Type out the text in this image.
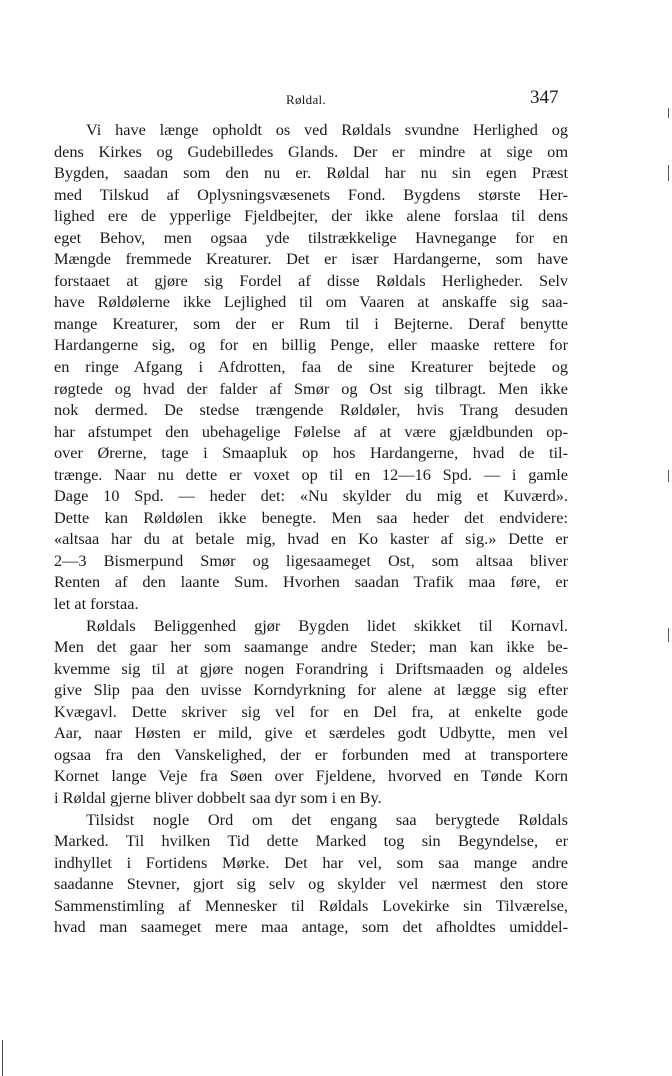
Røldal.	347
Vi have længe opholdt os ved Røldals svundne Herlighed og
dens Kirkes og Gudebilledes Glands. Der er mindre at sige om
Bygden, saadan som den nu er. Røldal har nu sin egen Præst
med Tilskud af Oplysningsvæsenets Fond. Bygdens største Her-
lighed ere de ypperlige Fjeldbejter, der ikke alene forslaa til dens
eget Behov, men ogsaa yde tilstrækkelige Havnegange for en
Mængde fremmede Kreaturer. Det er især Hardangerne, som have
forstaaet at gjøre sig Fordel af disse Røldals Herligheder. Selv
have Røldølerne ikke Lejlighed til om Vaaren at anskaffe sig saa-
mange Kreaturer, som der er Rum til i Bejterne. Deraf benytte
Hardangerne sig, og for en billig Penge, eller maaske rettere for
en ringe Afgang i Afdrotten, faa de sine Kreaturer bejtede og
røgtede og hvad der falder af Smør og Ost sig tilbragt. Men ikke
nok dermed. De stedse trængende Røldøler, hvis Trang desuden
har afstumpet den ubehagelige Følelse af at være gjældbunden op-
over Ørerne, tage i Smaapluk op hos Hardangerne, hvad de til-
trænge. Naar nu dette er voxet op til en 12—16 Spd. — i gamle
Dage 10 Spd. — heder det: «Nu skylder du mig et Kuværd».
Dette kan Røldølen ikke benegte. Men saa heder det endvidere:
«altsaa har du at betale mig, hvad en Ko kaster af sig.» Dette er
2—3 Bismerpund Smør og ligesaameget Ost, som altsaa bliver
Renten af den laante Sum. Hvorhen saadan Trafik maa føre, er
let at forstaa.
Røldals Beliggenhed gjør Bygden lidet skikket til Kornavl.
Men det gaar her som saamange andre Steder; man kan ikke be-
kvemme sig til at gjøre nogen Forandring i Driftsmaaden og aldeles
give Slip paa den uvisse Korndyrkning for alene at lægge sig efter
Kvægavl. Dette skriver sig vel for en Del fra, at enkelte gode
Aar, naar Høsten er mild, give et særdeles godt Udbytte, men vel
ogsaa fra den Vanskelighed, der er forbunden med at transportere
Kornet lange Veje fra Søen over Fjeldene, hvorved en Tønde Korn
i Røldal gjerne bliver dobbelt saa dyr som i en By.
Tilsidst nogle Ord om det engang saa berygtede Røldals
Marked. Til hvilken Tid dette Marked tog sin Begyndelse, er
indhyllet i Fortidens Mørke. Det har vel, som saa mange andre
saadanne Stevner, gjort sig selv og skylder vel nærmest den store
Sammenstimling af Mennesker til Røldals Lovekirke sin Tilværelse,
hvad man saameget mere maa antage, som det afholdtes umiddel-
